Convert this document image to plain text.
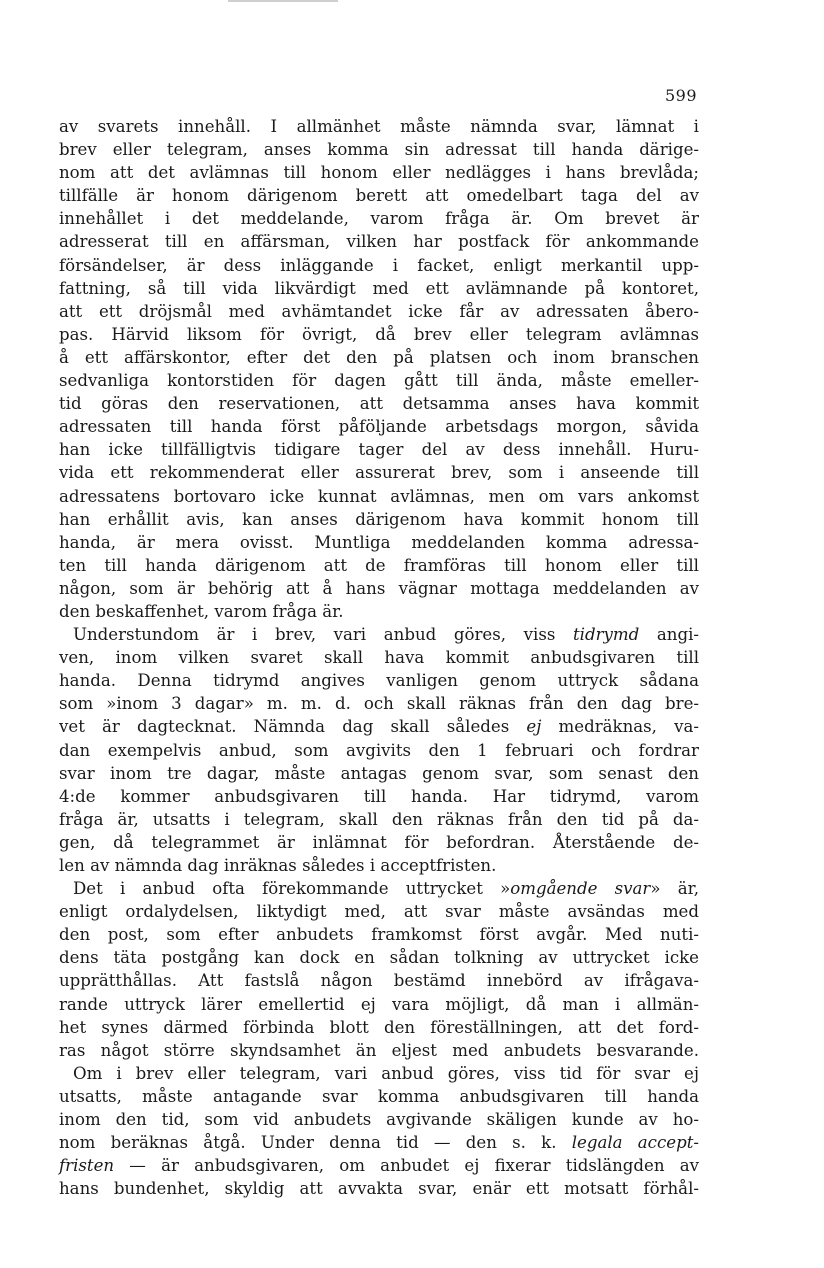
599
av svarets innehåll. I allmänhet måste nämnda svar, lämnat i
brev eller telegram, anses komma sin adressat till handa därige-
nom att det avlämnas till honom eller nedlägges i hans brevlåda;
tillfälle är honom därigenom berett att omedelbart taga del av
innehållet i det meddelande, varom fråga är. Om brevet är
adresserat till en affärsman, vilken har postfack för ankommande
försändelser, är dess inläggande i facket, enligt merkantil upp-
fattning, så till vida likvärdigt med ett avlämnande på kontoret,
att ett dröjsmål med avhämtandet icke får av adressaten åbero-
pas. Härvid liksom för övrigt, då brev eller telegram avlämnas
å ett affärskontor, efter det den på platsen och inom branschen
sedvanliga kontorstiden för dagen gått till ända, måste emeller-
tid göras den reservationen, att detsamma anses hava kommit
adressaten till handa först påföljande arbetsdags morgon, såvida
han icke tillfälligtvis tidigare tager del av dess innehåll. Huru-
vida ett rekommenderat eller assurerat brev, som i anseende till
adressatens bortovaro icke kunnat avlämnas, men om vars ankomst
han erhållit avis, kan anses därigenom hava kommit honom till
handa, är mera ovisst. Muntliga meddelanden komma adressa-
ten till handa därigenom att de framföras till honom eller till
någon, som är behörig att å hans vägnar mottaga meddelanden av
den beskaffenhet, varom fråga är.
Understundom är i brev, vari anbud göres, viss tidrymd angi-
ven, inom vilken svaret skall hava kommit anbudsgivaren till
handa. Denna tidrymd angives vanligen genom uttryck sådana
som »inom 3 dagar» m. m. d. och skall räknas från den dag bre-
vet är dagtecknat. Nämnda dag skall således ej medräknas, va-
dan exempelvis anbud, som avgivits den 1 februari och fordrar
svar inom tre dagar, måste antagas genom svar, som senast den
4:de kommer anbudsgivaren till handa. Har tidrymd, varom
fråga är, utsatts i telegram, skall den räknas från den tid på da-
gen, då telegrammet är inlämnat för befordran. Återstående de-
len av nämnda dag inräknas således i acceptfristen.
Det i anbud ofta förekommande uttrycket »omgående svar» är,
enligt ordalydelsen, liktydigt med, att svar måste avsändas med
den post, som efter anbudets framkomst först avgår. Med nuti-
dens täta postgång kan dock en sådan tolkning av uttrycket icke
upprätthållas. Att fastslå någon bestämd innebörd av ifrågava-
rande uttryck lärer emellertid ej vara möjligt, då man i allmän-
het synes därmed förbinda blott den föreställningen, att det ford-
ras något större skyndsamhet än eljest med anbudets besvarande.
Om i brev eller telegram, vari anbud göres, viss tid för svar ej
utsatts, måste antagande svar komma anbudsgivaren till handa
inom den tid, som vid anbudets avgivande skäligen kunde av ho-
nom beräknas åtgå. Under denna tid — den s. k. legala accept-
fristen — är anbudsgivaren, om anbudet ej fixerar tidslängden av
hans bundenhet, skyldig att avvakta svar, enär ett motsatt förhål-
